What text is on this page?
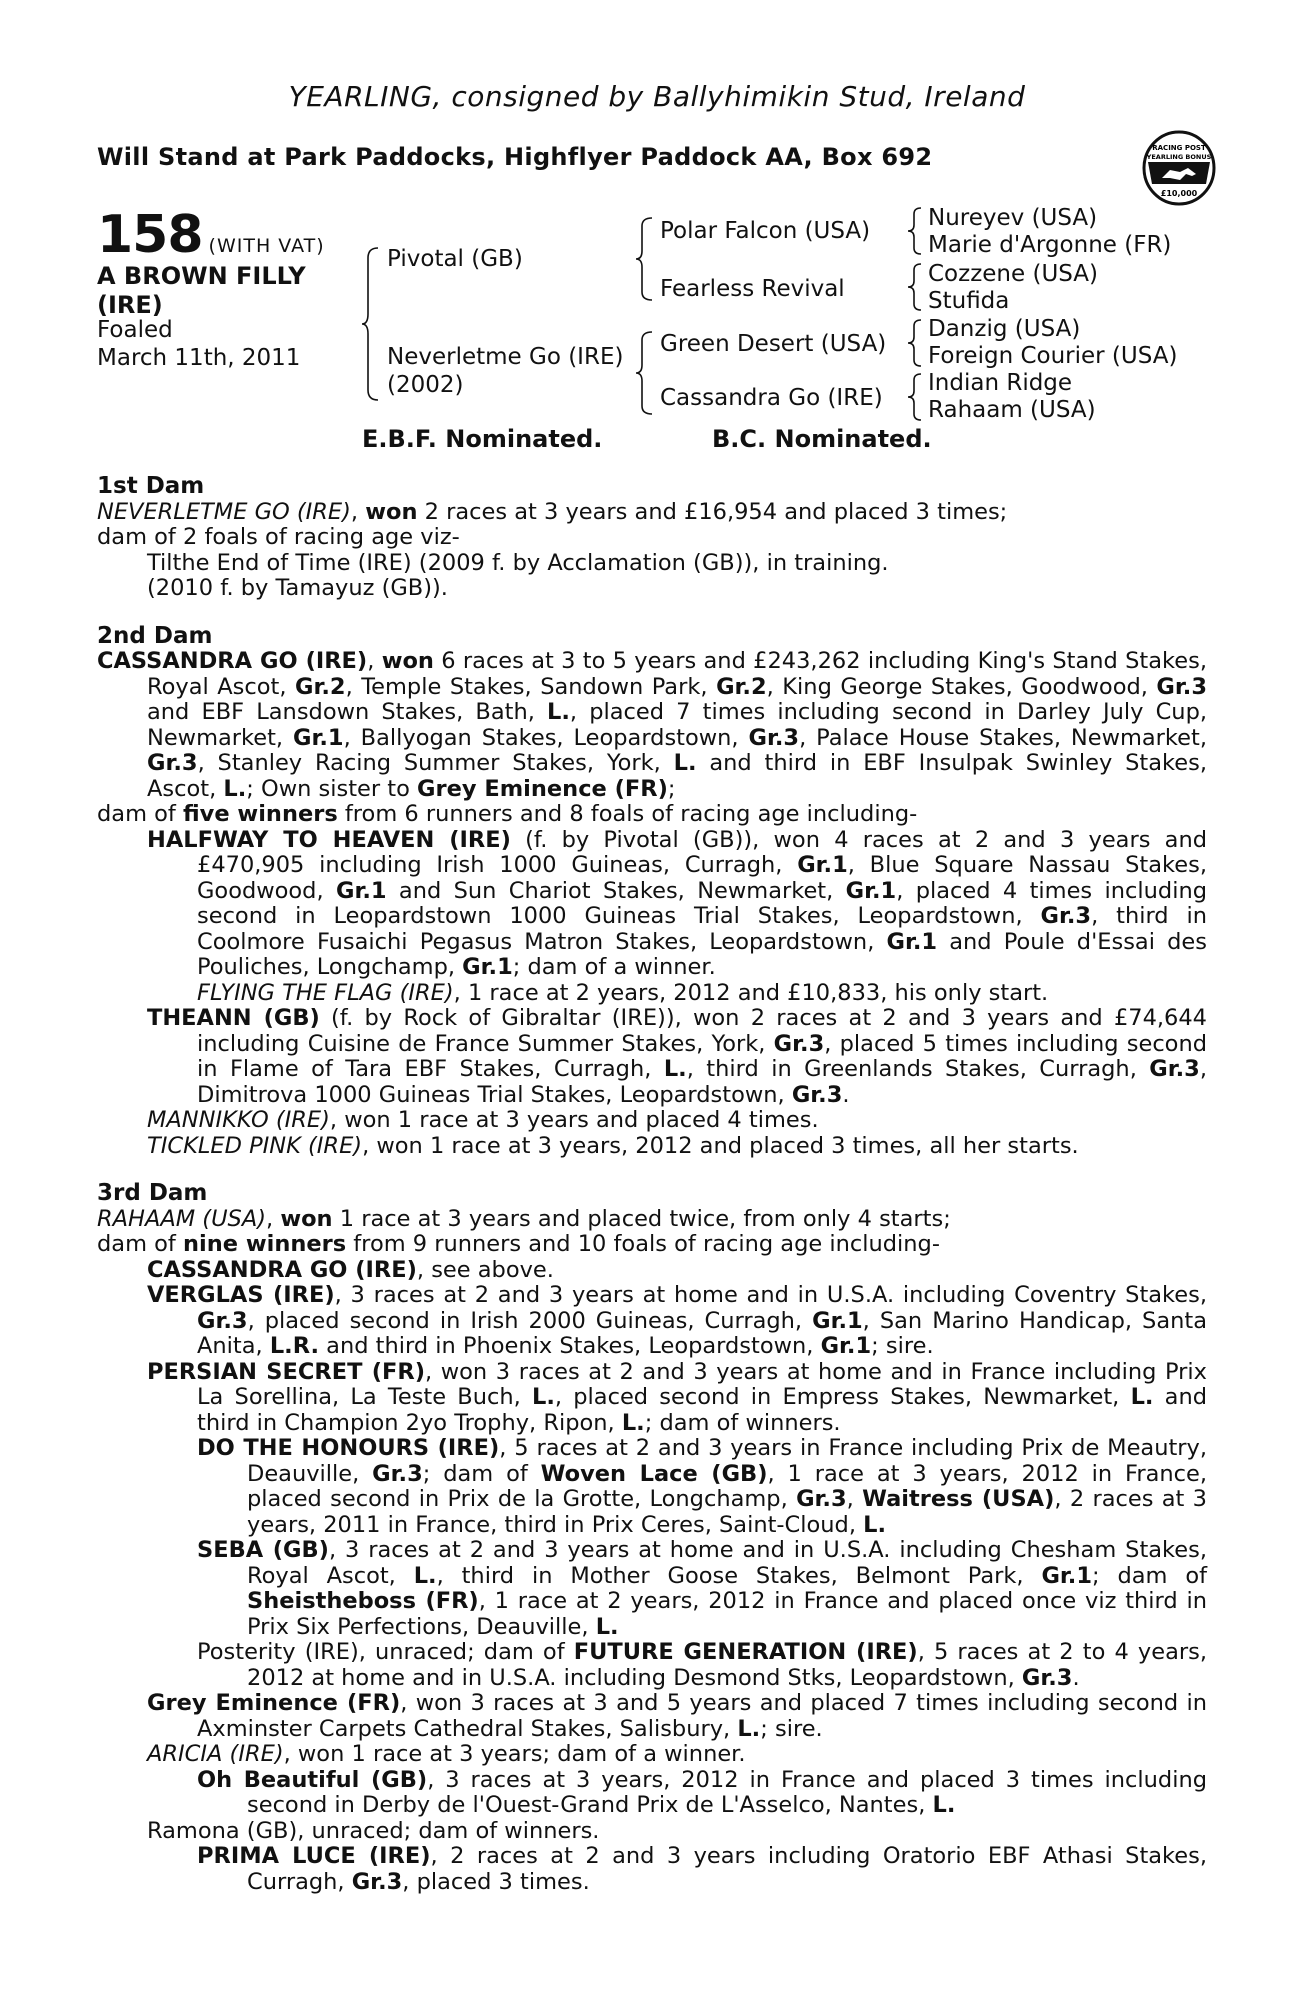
YEARLING, consigned by Ballyhimikin Stud, Ireland
Will Stand at Park Paddocks, Highflyer Paddock AA, Box 692	RACING POST
YEARLING BONUS
£10,000
158 (WITH VAT)
A BROWN FILLY
(IRE)
Foaled
March 11th, 2011
Pivotal (GB)
Neverletme Go (IRE)
(2002)
Polar Falcon (USA)
Fearless Revival
Green Desert (USA)
Cassandra Go (IRE)
Nureyev (USA)
Marie d'Argonne (FR)
Cozzene (USA)
Stufida
Danzig (USA)
Foreign Courier (USA)
Indian Ridge
Rahaam (USA)
E.B.F. Nominated.	B.C. Nominated.
1st Dam
NEVERLETME GO (IRE), won 2 races at 3 years and £16,954 and placed 3 times;
dam of 2 foals of racing age viz-
Tilthe End of Time (IRE) (2009 f. by Acclamation (GB)), in training.
(2010 f. by Tamayuz (GB)).
2nd Dam
CASSANDRA GO (IRE), won 6 races at 3 to 5 years and £243,262 including King's Stand Stakes, Royal Ascot, Gr.2, Temple Stakes, Sandown Park, Gr.2, King George Stakes, Goodwood, Gr.3 and EBF Lansdown Stakes, Bath, L., placed 7 times including second in Darley July Cup, Newmarket, Gr.1, Ballyogan Stakes, Leopardstown, Gr.3, Palace House Stakes, Newmarket, Gr.3, Stanley Racing Summer Stakes, York, L. and third in EBF Insulpak Swinley Stakes, Ascot, L.; Own sister to Grey Eminence (FR);
dam of five winners from 6 runners and 8 foals of racing age including-
HALFWAY TO HEAVEN (IRE) (f. by Pivotal (GB)), won 4 races at 2 and 3 years and £470,905 including Irish 1000 Guineas, Curragh, Gr.1, Blue Square Nassau Stakes, Goodwood, Gr.1 and Sun Chariot Stakes, Newmarket, Gr.1, placed 4 times including second in Leopardstown 1000 Guineas Trial Stakes, Leopardstown, Gr.3, third in Coolmore Fusaichi Pegasus Matron Stakes, Leopardstown, Gr.1 and Poule d'Essai des Pouliches, Longchamp, Gr.1; dam of a winner.
FLYING THE FLAG (IRE), 1 race at 2 years, 2012 and £10,833, his only start.
THEANN (GB) (f. by Rock of Gibraltar (IRE)), won 2 races at 2 and 3 years and £74,644 including Cuisine de France Summer Stakes, York, Gr.3, placed 5 times including second in Flame of Tara EBF Stakes, Curragh, L., third in Greenlands Stakes, Curragh, Gr.3, Dimitrova 1000 Guineas Trial Stakes, Leopardstown, Gr.3.
MANNIKKO (IRE), won 1 race at 3 years and placed 4 times.
TICKLED PINK (IRE), won 1 race at 3 years, 2012 and placed 3 times, all her starts.
3rd Dam
RAHAAM (USA), won 1 race at 3 years and placed twice, from only 4 starts;
dam of nine winners from 9 runners and 10 foals of racing age including-
CASSANDRA GO (IRE), see above.
VERGLAS (IRE), 3 races at 2 and 3 years at home and in U.S.A. including Coventry Stakes, Gr.3, placed second in Irish 2000 Guineas, Curragh, Gr.1, San Marino Handicap, Santa Anita, L.R. and third in Phoenix Stakes, Leopardstown, Gr.1; sire.
PERSIAN SECRET (FR), won 3 races at 2 and 3 years at home and in France including Prix La Sorellina, La Teste Buch, L., placed second in Empress Stakes, Newmarket, L. and third in Champion 2yo Trophy, Ripon, L.; dam of winners.
DO THE HONOURS (IRE), 5 races at 2 and 3 years in France including Prix de Meautry, Deauville, Gr.3; dam of Woven Lace (GB), 1 race at 3 years, 2012 in France, placed second in Prix de la Grotte, Longchamp, Gr.3, Waitress (USA), 2 races at 3 years, 2011 in France, third in Prix Ceres, Saint-Cloud, L.
SEBA (GB), 3 races at 2 and 3 years at home and in U.S.A. including Chesham Stakes, Royal Ascot, L., third in Mother Goose Stakes, Belmont Park, Gr.1; dam of Sheistheboss (FR), 1 race at 2 years, 2012 in France and placed once viz third in Prix Six Perfections, Deauville, L.
Posterity (IRE), unraced; dam of FUTURE GENERATION (IRE), 5 races at 2 to 4 years, 2012 at home and in U.S.A. including Desmond Stks, Leopardstown, Gr.3.
Grey Eminence (FR), won 3 races at 3 and 5 years and placed 7 times including second in Axminster Carpets Cathedral Stakes, Salisbury, L.; sire.
ARICIA (IRE), won 1 race at 3 years; dam of a winner.
Oh Beautiful (GB), 3 races at 3 years, 2012 in France and placed 3 times including second in Derby de l'Ouest-Grand Prix de L'Asselco, Nantes, L.
Ramona (GB), unraced; dam of winners.
PRIMA LUCE (IRE), 2 races at 2 and 3 years including Oratorio EBF Athasi Stakes, Curragh, Gr.3, placed 3 times.
